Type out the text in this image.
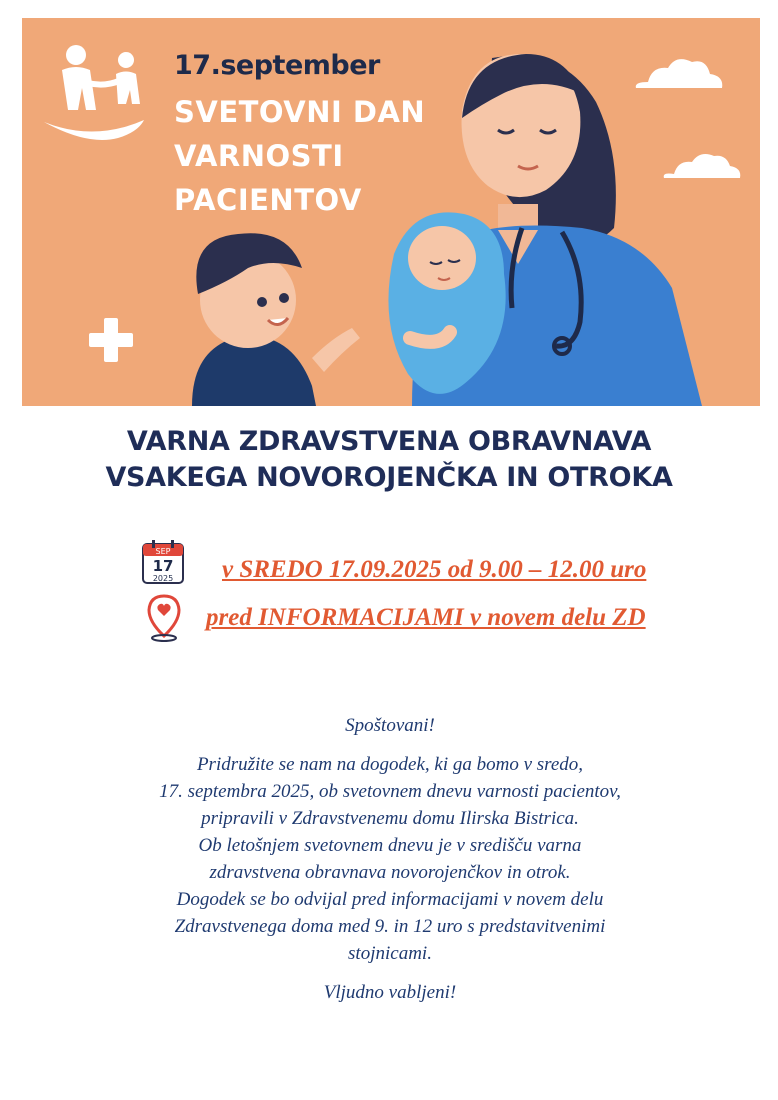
17.september
SVETOVNI DAN
VARNOSTI
PACIENTOV
VARNA ZDRAVSTVENA OBRAVNAVA
VSAKEGA NOVOROJENČKA IN OTROKA
SEP
17
2025 v SREDO 17.09.2025 od 9.00 – 12.00 uro
pred INFORMACIJAMI v novem delu ZD
Spoštovani!
Pridružite se nam na dogodek, ki ga bomo v sredo,
17. septembra 2025, ob svetovnem dnevu varnosti pacientov,
pripravili v Zdravstvenemu domu Ilirska Bistrica.
Ob letošnjem svetovnem dnevu je v središču varna
zdravstvena obravnava novorojenčkov in otrok.
Dogodek se bo odvijal pred informacijami v novem delu
Zdravstvenega doma med 9. in 12 uro s predstavitvenimi
stojnicami.
Vljudno vabljeni!
